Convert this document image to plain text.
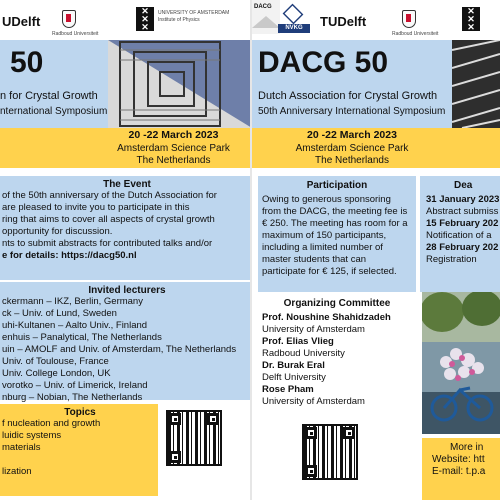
UDelft
Radboud Universiteit
✕
✕
✕
UNIVERSITY OF AMSTERDAM
Institute of Physics
50
n for Crystal Growth
nternational Symposium
20 -22 March 2023
Amsterdam Science Park
The Netherlands
The Event
of the 50th anniversary of the Dutch Association for
are pleased to invite you to participate in this
ring that aims to cover all aspects of crystal growth
opportunity for discussion.
nts to submit abstracts for contributed talks and/or
e for details: https://dacg50.nl
Invited lecturers
ckermann – IKZ, Berlin, Germany
ck – Univ. of Lund, Sweden
uhi-Kultanen – Aalto Univ., Finland
enhuis – Panalytical, The Netherlands
uin – AMOLF and Univ. of Amsterdam, The Netherlands
Univ. of Toulouse, France
Univ. College London, UK
vorotko – Univ. of Limerick, Ireland
nburg – Nobian, The Netherlands
Topics
f nucleation and growth
luidic systems
materials

lization
DACG
NVKG	TUDelft
Radboud Universiteit
✕
✕
✕
DACG 50
Dutch Association for Crystal Growth
50th Anniversary International Symposium
20 -22 March 2023
Amsterdam Science Park
The Netherlands
Participation
Owing to generous sponsoring from the DACG, the meeting fee is € 250. The meeting has room for a maximum of 150 participants, including a limited number of master students that can participate for € 125, if selected.
Dea
31 January 2023
Abstract submiss
15 February 202
Notification of a
28 February 202
Registration
Organizing Committee
Prof. Noushine Shahidzadeh
University of Amsterdam
Prof. Elias Vlieg
Radboud University
Dr. Burak Eral
Delft University
Rose Pham
University of Amsterdam
More in
Website: htt
E-mail: t.p.a
